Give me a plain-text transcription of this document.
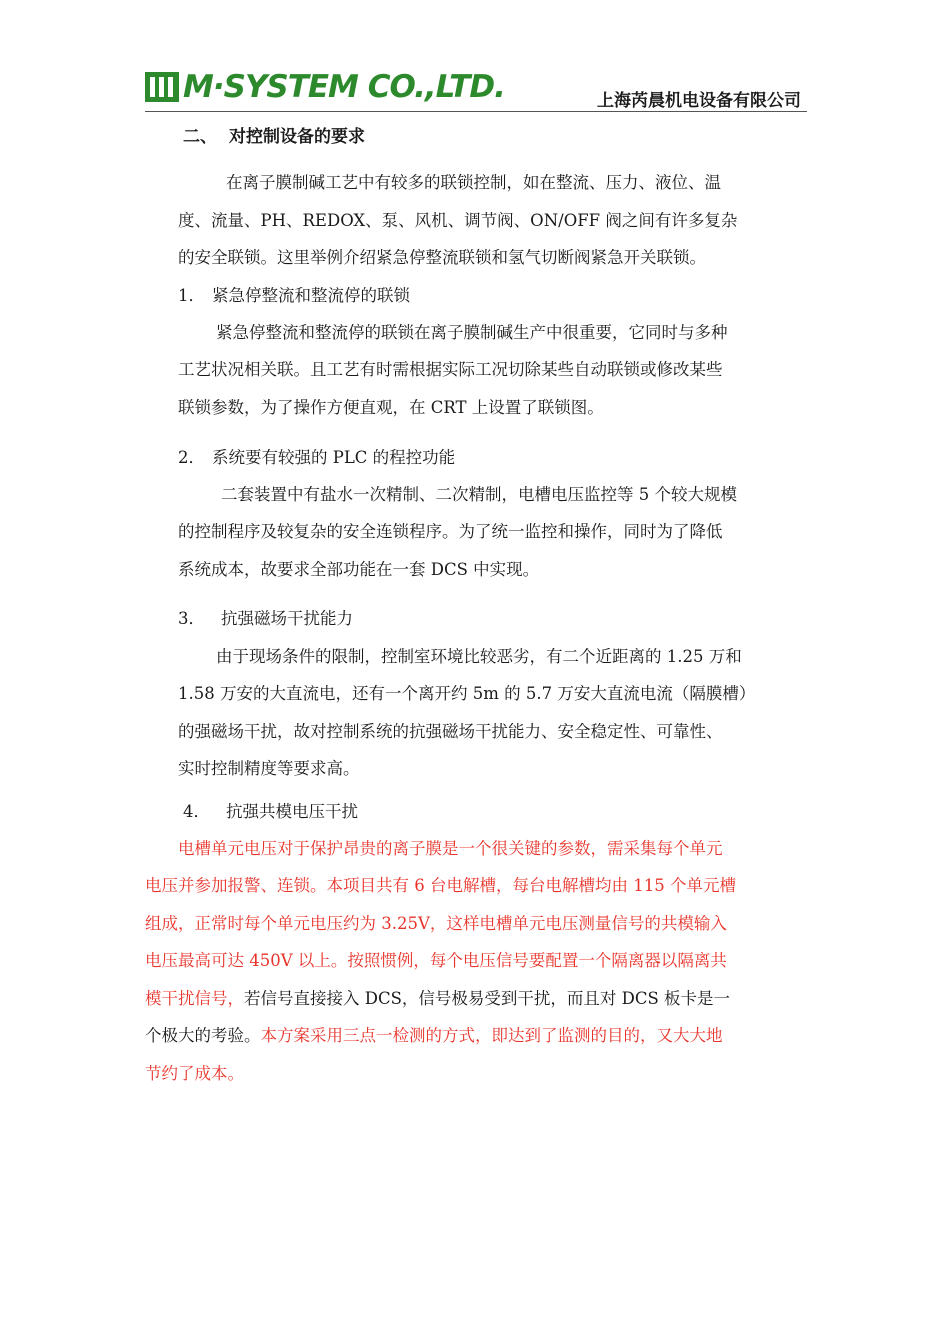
M·SYSTEM CO.,LTD.	上海芮晨机电设备有限公司
二、 对控制设备的要求
在离子膜制碱工艺中有较多的联锁控制，如在整流、压力、液位、温
度、流量、PH、REDOX、泵、风机、调节阀、ON/OFF 阀之间有许多复杂
的安全联锁。这里举例介绍紧急停整流联锁和氢气切断阀紧急开关联锁。
1． 紧急停整流和整流停的联锁
紧急停整流和整流停的联锁在离子膜制碱生产中很重要，它同时与多种
工艺状况相关联。且工艺有时需根据实际工况切除某些自动联锁或修改某些
联锁参数，为了操作方便直观，在 CRT 上设置了联锁图。
2． 系统要有较强的 PLC 的程控功能
二套装置中有盐水一次精制、二次精制，电槽电压监控等 5 个较大规模
的控制程序及较复杂的安全连锁程序。为了统一监控和操作，同时为了降低
系统成本，故要求全部功能在一套 DCS 中实现。
3． 抗强磁场干扰能力
由于现场条件的限制，控制室环境比较恶劣，有二个近距离的 1.25 万和
1.58 万安的大直流电，还有一个离开约 5m 的 5.7 万安大直流电流（隔膜槽）
的强磁场干扰，故对控制系统的抗强磁场干扰能力、安全稳定性、可靠性、
实时控制精度等要求高。
4． 抗强共模电压干扰
电槽单元电压对于保护昂贵的离子膜是一个很关键的参数，需采集每个单元
电压并参加报警、连锁。本项目共有 6 台电解槽，每台电解槽均由 115 个单元槽
组成，正常时每个单元电压约为 3.25V，这样电槽单元电压测量信号的共模输入
电压最高可达 450V 以上。按照惯例，每个电压信号要配置一个隔离器以隔离共
模干扰信号，若信号直接接入 DCS，信号极易受到干扰，而且对 DCS 板卡是一
个极大的考验。本方案采用三点一检测的方式，即达到了监测的目的，又大大地
节约了成本。
